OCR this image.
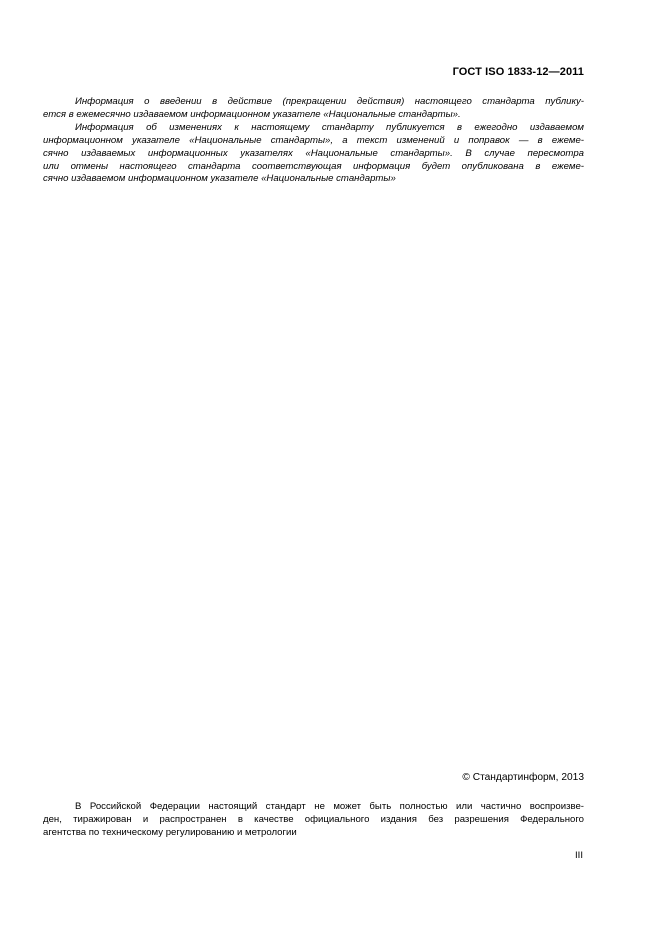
ГОСТ ISO 1833-12—2011
Информация о введении в действие (прекращении действия) настоящего стандарта публику-
ется в ежемесячно издаваемом информационном указателе «Национальные стандарты».
Информация об изменениях к настоящему стандарту публикуется в ежегодно издаваемом
информационном указателе «Национальные стандарты», а текст изменений и поправок — в ежеме-
сячно издаваемых информационных указателях «Национальные стандарты». В случае пересмотра
или отмены настоящего стандарта соответствующая информация будет опубликована в ежеме-
сячно издаваемом информационном указателе «Национальные стандарты»
© Стандартинформ, 2013
В Российской Федерации настоящий стандарт не может быть полностью или частично воспроизве-
ден, тиражирован и распространен в качестве официального издания без разрешения Федерального
агентства по техническому регулированию и метрологии
III
